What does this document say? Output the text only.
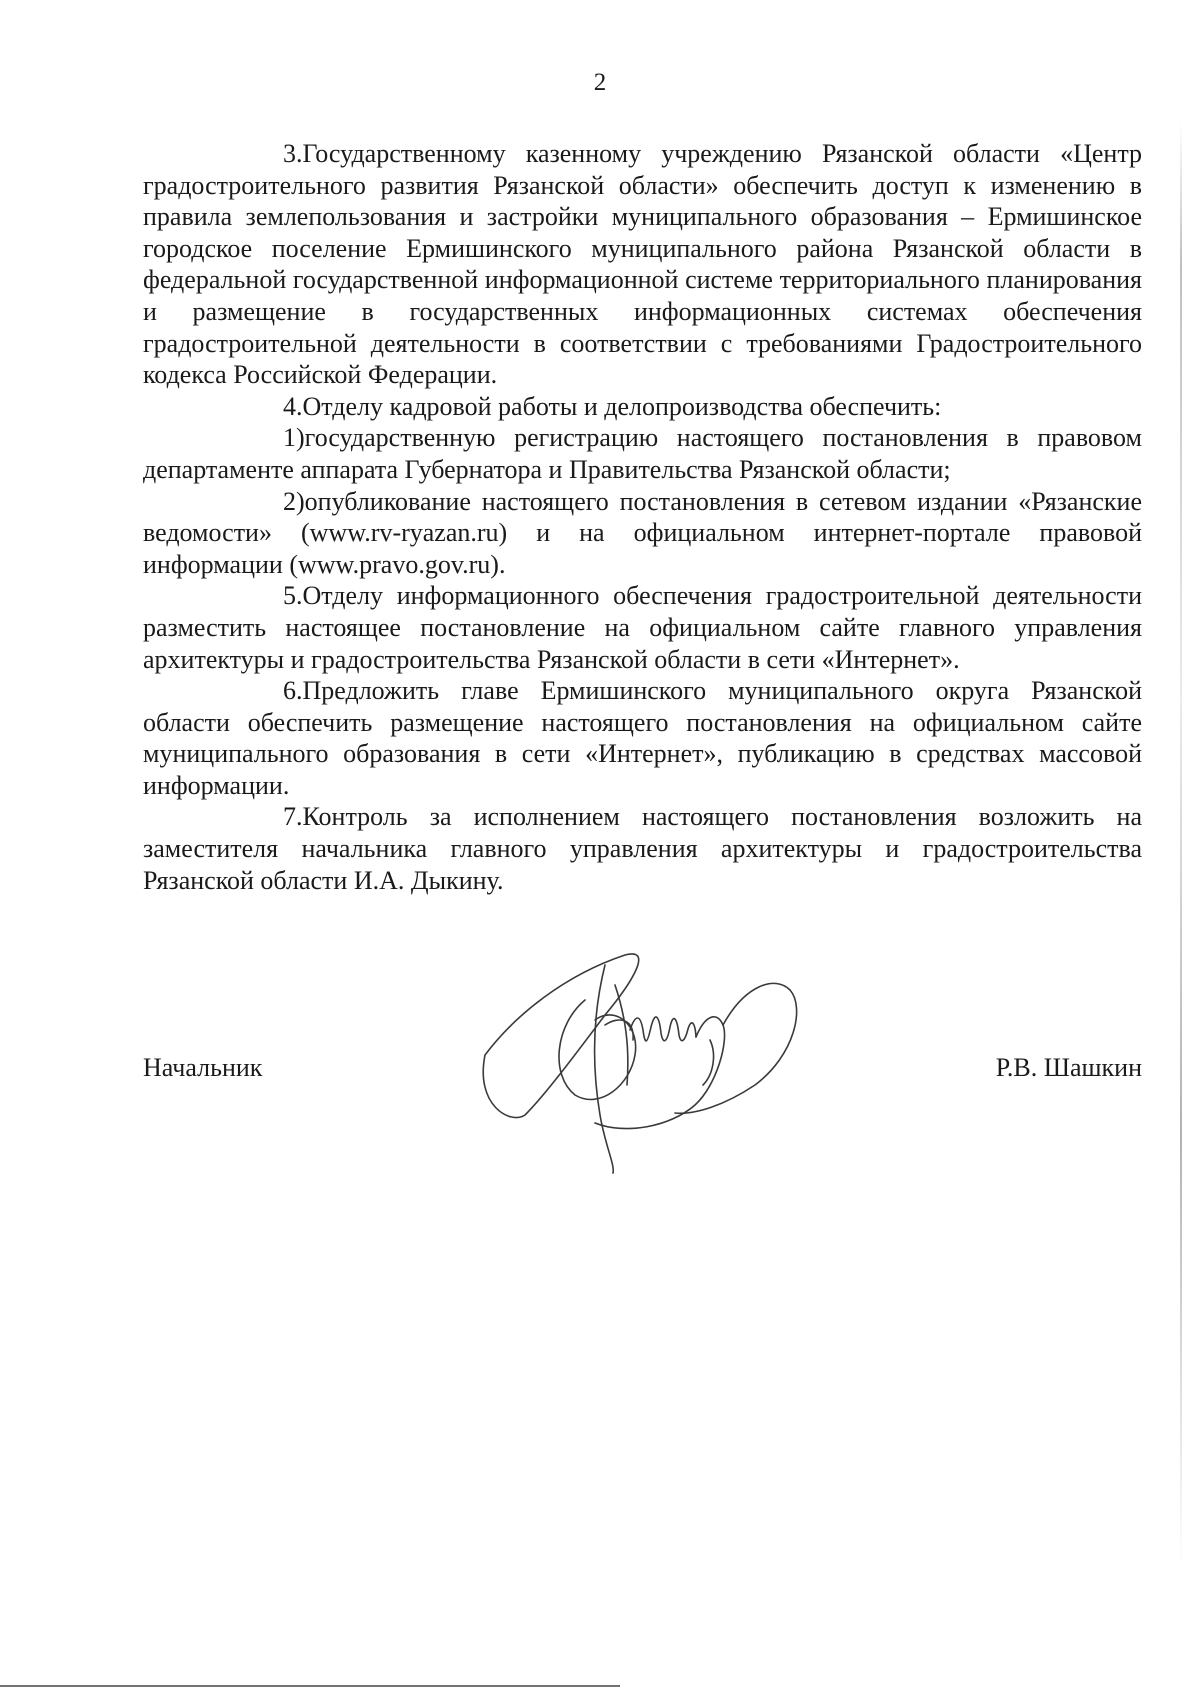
2

3.Государственному казенному учреждению Рязанской области «Центр градостроительного развития Рязанской области» обеспечить доступ к изменению в правила землепользования и застройки муниципального образования – Ермишинское городское поселение Ермишинского муниципального района Рязанской области в федеральной государственной информационной системе территориального планирования и размещение в государственных информационных системах обеспечения градостроительной деятельности в соответствии с требованиями Градостроительного кодекса Российской Федерации.

4.Отделу кадровой работы и делопроизводства обеспечить:

1)государственную регистрацию настоящего постановления в правовом департаменте аппарата Губернатора и Правительства Рязанской области;

2)опубликование настоящего постановления в сетевом издании «Рязанские ведомости» (www.rv-ryazan.ru) и на официальном интернет-портале правовой информации (www.pravo.gov.ru).

5.Отделу информационного обеспечения градостроительной деятельности разместить настоящее постановление на официальном сайте главного управления архитектуры и градостроительства Рязанской области в сети «Интернет».

6.Предложить главе Ермишинского муниципального округа Рязанской области обеспечить размещение настоящего постановления на официальном сайте муниципального образования в сети «Интернет», публикацию в средствах массовой информации.

7.Контроль за исполнением настоящего постановления возложить на заместителя начальника главного управления архитектуры и градостроительства Рязанской области И.А. Дыкину.

Начальник	Р.В. Шашкин
